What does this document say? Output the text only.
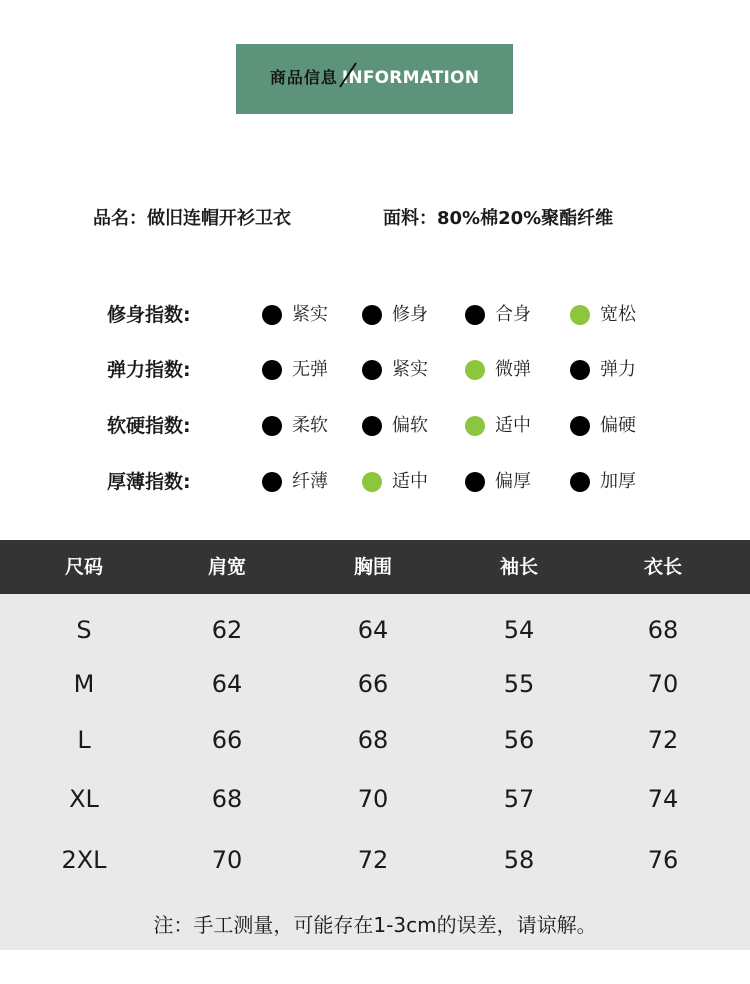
商品信息 INFORMATION
品名：做旧连帽开衫卫衣	面料：80%棉20%聚酯纤维
修身指数:	紧实	修身	合身	宽松
弹力指数:	无弹	紧实	微弹	弹力
软硬指数:	柔软	偏软	适中	偏硬
厚薄指数:	纤薄	适中	偏厚	加厚
尺码	肩宽	胸围	袖长	衣长
注：手工测量，可能存在1-3cm的误差，请谅解。
S	62	64	54	68
M	64	66	55	70
L	66	68	56	72
XL	68	70	57	74
2XL	70	72	58	76
